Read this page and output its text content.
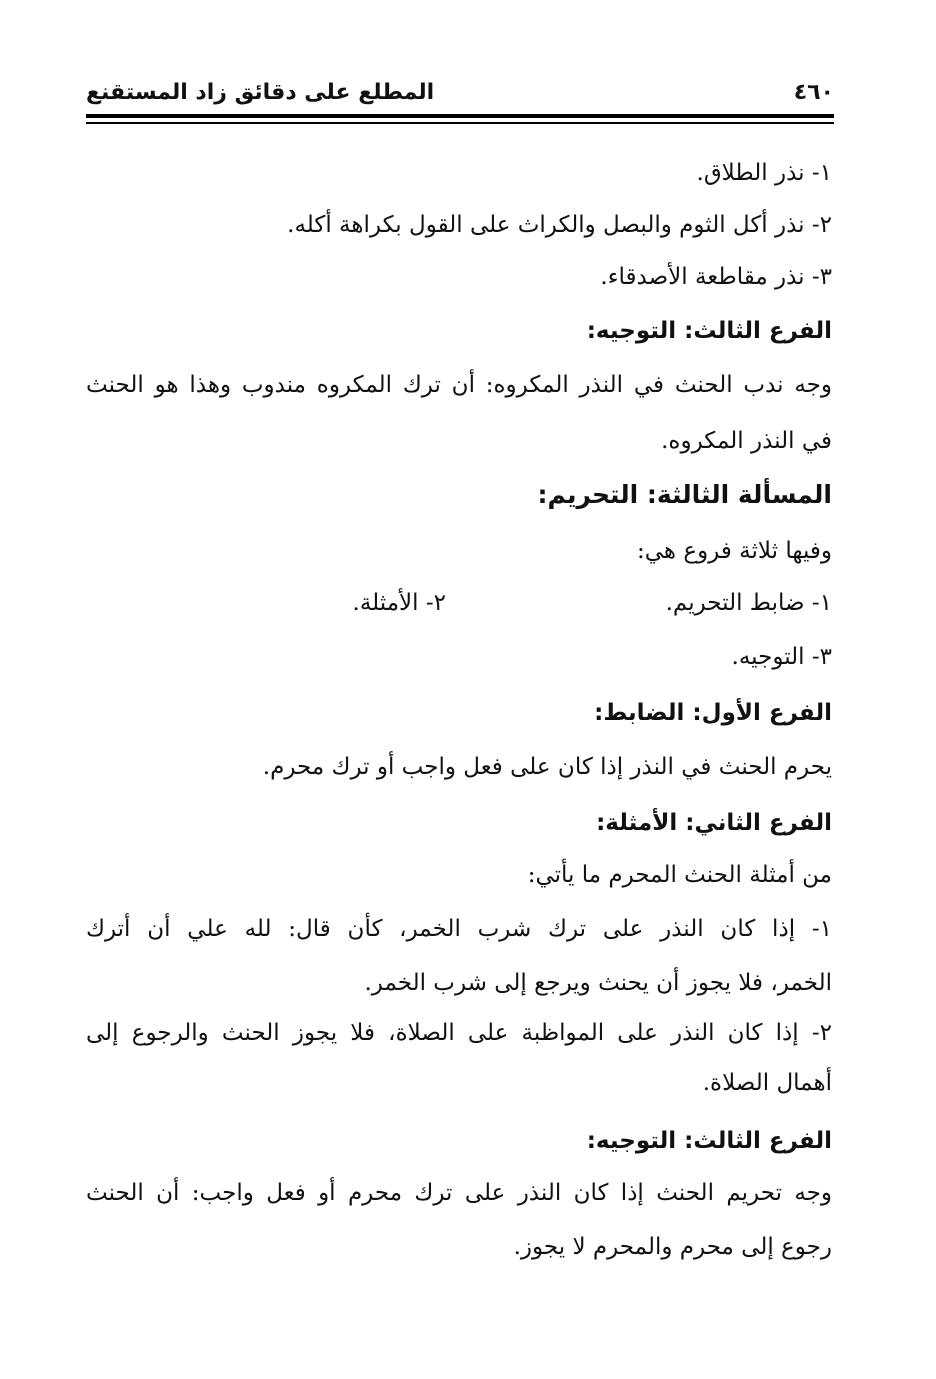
٤٦٠
المطلع على دقائق زاد المستقنع
١- نذر الطلاق.
٢- نذر أكل الثوم والبصل والكراث على القول بكراهة أكله.
٣- نذر مقاطعة الأصدقاء.
الفرع الثالث: التوجيه:
وجه ندب الحنث في النذر المكروه: أن ترك المكروه مندوب وهذا هو الحنث
في النذر المكروه.
المسألة الثالثة: التحريم:
وفيها ثلاثة فروع هي:
١- ضابط التحريم.
٢- الأمثلة.
٣- التوجيه.
الفرع الأول: الضابط:
يحرم الحنث في النذر إذا كان على فعل واجب أو ترك محرم.
الفرع الثاني: الأمثلة:
من أمثلة الحنث المحرم ما يأتي:
١- إذا كان النذر على ترك شرب الخمر، كأن قال: لله علي أن أترك
الخمر، فلا يجوز أن يحنث ويرجع إلى شرب الخمر.
٢- إذا كان النذر على المواظبة على الصلاة، فلا يجوز الحنث والرجوع إلى
أهمال الصلاة.
الفرع الثالث: التوجيه:
وجه تحريم الحنث إذا كان النذر على ترك محرم أو فعل واجب: أن الحنث
رجوع إلى محرم والمحرم لا يجوز.
